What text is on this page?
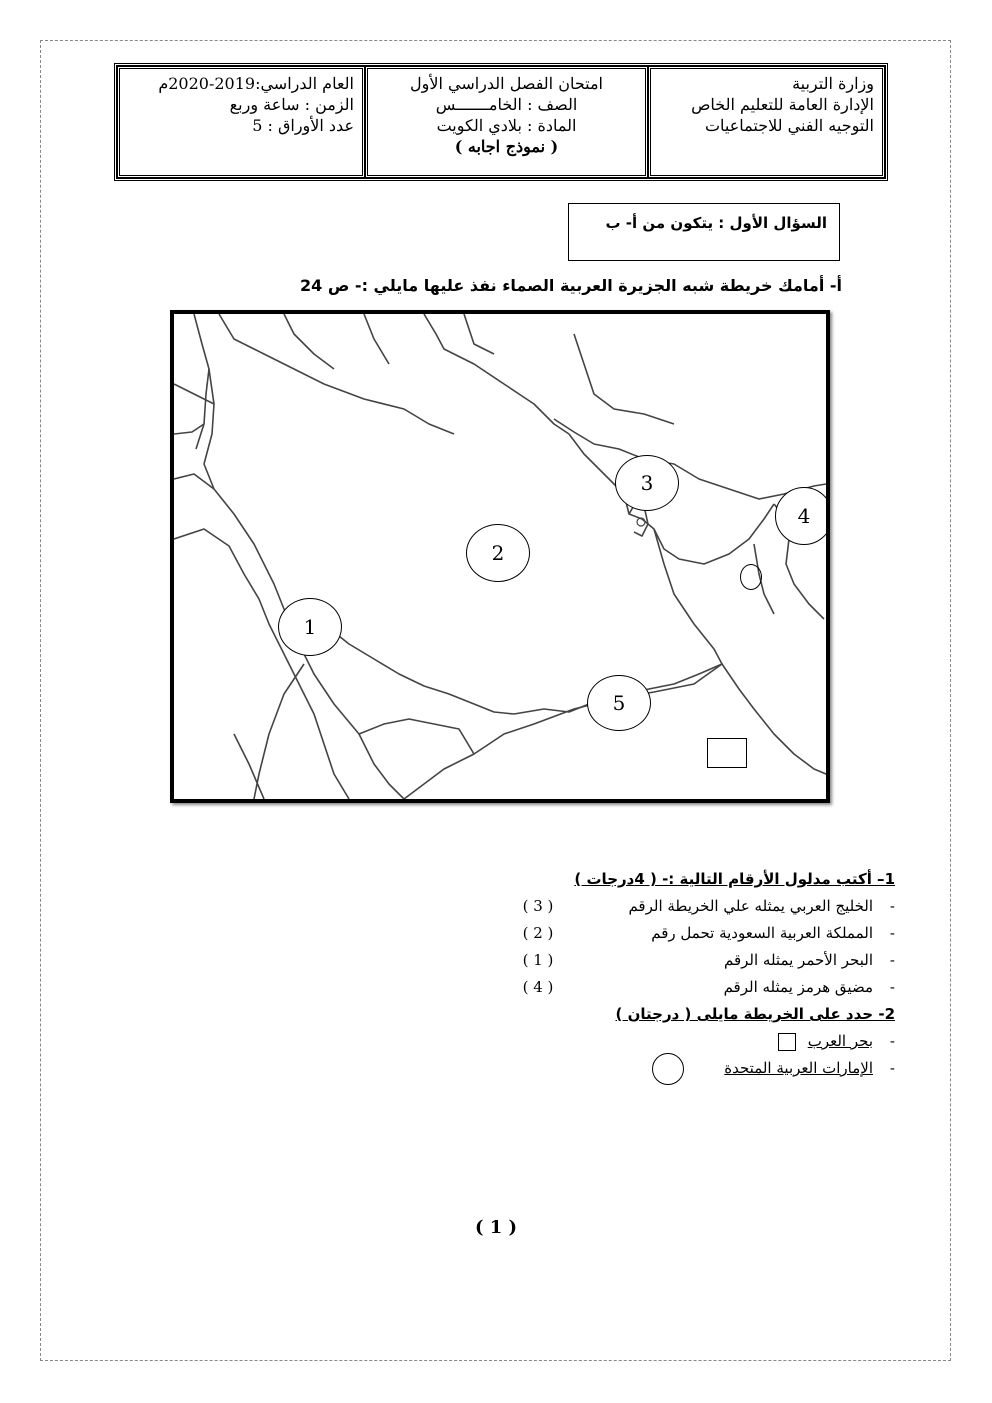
وزارة التربية
الإدارة العامة للتعليم الخاص
التوجيه الفني للاجتماعيات
امتحان الفصل الدراسي الأول
الصف : الخامـــــــس
المادة : بلادي الكويت
( نموذج اجابه )
العام الدراسي:2019-2020م
الزمن : ساعة وربع
عدد الأوراق : 5
السؤال الأول : يتكون من أ- ب
أ- أمامك خريطة شبه الجزيرة العربية الصماء نفذ عليها مايلي :- ص 24
1
2
3
4
5
1– أكتب مدلول الأرقام التالية :- ( 4درجات )
-
الخليج العربي يمثله علي الخريطة الرقم
( 3 )
-
المملكة العربية السعودية تحمل رقم
( 2 )
-
البحر الأحمر يمثله الرقم
( 1 )
-
مضيق هرمز يمثله الرقم
( 4 )
2- حدد على الخريطة مايلى ( درجتان )
-
بحر العرب
-
الإمارات العربية المتحدة
( 1 )
